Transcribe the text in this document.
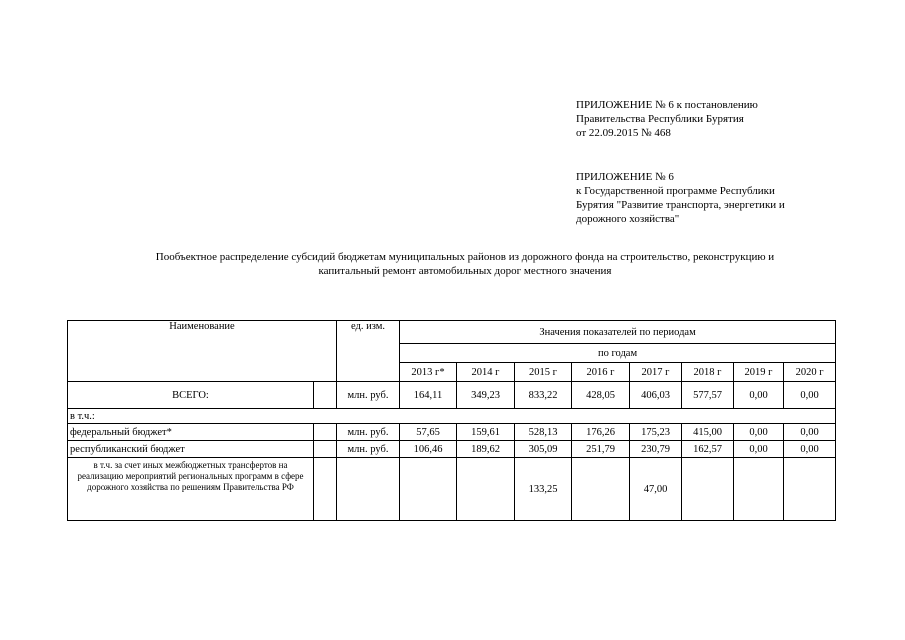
ПРИЛОЖЕНИЕ № 6 к постановлению
Правительства Республики Бурятия
от 22.09.2015 № 468
ПРИЛОЖЕНИЕ № 6
к Государственной программе Республики
Бурятия "Развитие транспорта, энергетики и
дорожного хозяйства"
Пообъектное распределение субсидий бюджетам муниципальных районов из дорожного фонда на строительство, реконструкцию и
капитальный ремонт автомобильных дорог местного значения
Наименование		ед. изм.	Значения показателей по периодам							
			по годам							
			2013 г*	2014 г	2015 г	2016 г	2017 г	2018 г	2019 г	2020 г
ВСЕГО:		млн. руб.	164,11	349,23	833,22	428,05	406,03	577,57	0,00	0,00
в т.ч.:										
федеральный бюджет*		млн. руб.	57,65	159,61	528,13	176,26	175,23	415,00	0,00	0,00
республиканский бюджет		млн. руб.	106,46	189,62	305,09	251,79	230,79	162,57	0,00	0,00
в т.ч. за счет иных межбюджетных трансфертов на реализацию мероприятий региональных программ в сфере дорожного хозяйства по решениям Правительства РФ					133,25		47,00			
